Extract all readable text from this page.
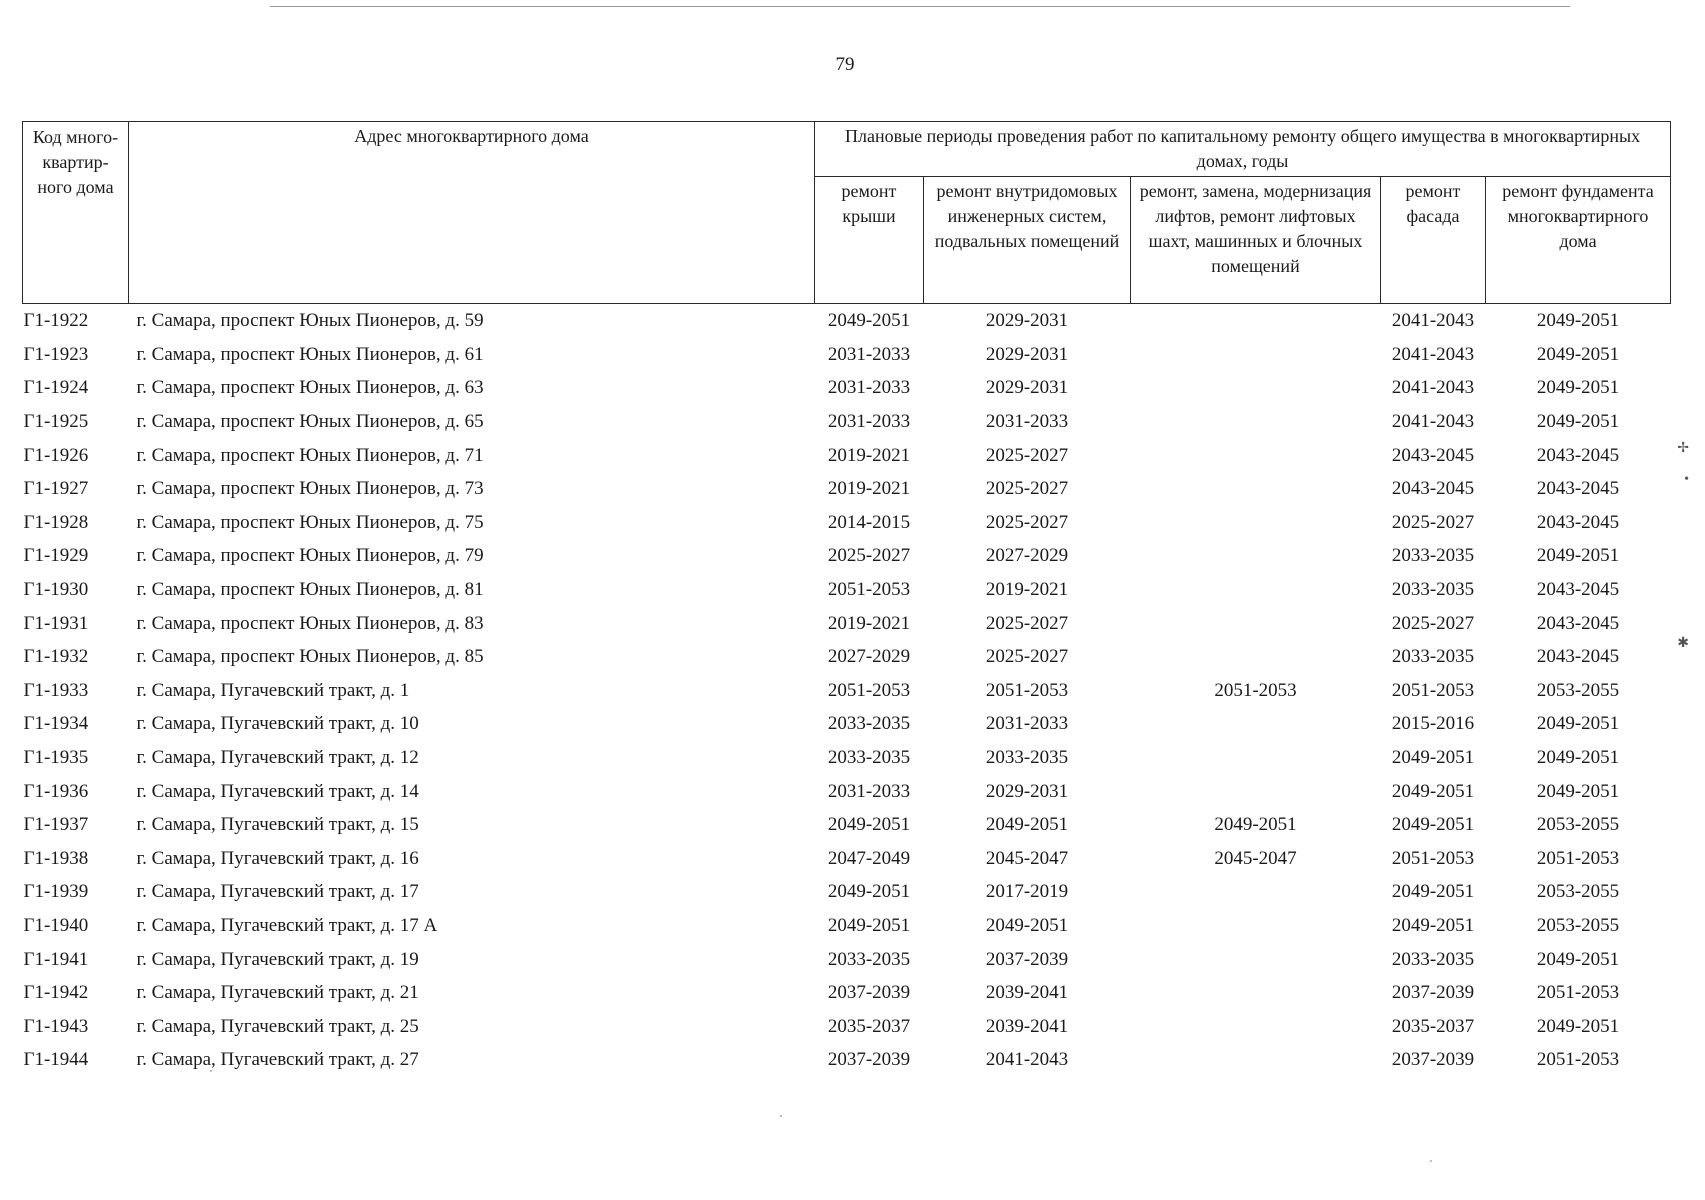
79
Код много-квартир-ного дома	Адрес многоквартирного дома	Плановые периоды проведения работ по капитальному ремонту общего имущества в многоквартирных домах, годы				
		ремонт крыши	ремонт внутридомовых инженерных систем, подвальных помещений	ремонт, замена, модернизация лифтов, ремонт лифтовых шахт, машинных и блочных помещений	ремонт фасада	ремонт фундамента многоквартирного дома
Г1-1922	г. Самара, проспект Юных Пионеров, д. 59	2049-2051	2029-2031		2041-2043	2049-2051
Г1-1923	г. Самара, проспект Юных Пионеров, д. 61	2031-2033	2029-2031		2041-2043	2049-2051
Г1-1924	г. Самара, проспект Юных Пионеров, д. 63	2031-2033	2029-2031		2041-2043	2049-2051
Г1-1925	г. Самара, проспект Юных Пионеров, д. 65	2031-2033	2031-2033		2041-2043	2049-2051
Г1-1926	г. Самара, проспект Юных Пионеров, д. 71	2019-2021	2025-2027		2043-2045	2043-2045
Г1-1927	г. Самара, проспект Юных Пионеров, д. 73	2019-2021	2025-2027		2043-2045	2043-2045
Г1-1928	г. Самара, проспект Юных Пионеров, д. 75	2014-2015	2025-2027		2025-2027	2043-2045
Г1-1929	г. Самара, проспект Юных Пионеров, д. 79	2025-2027	2027-2029		2033-2035	2049-2051
Г1-1930	г. Самара, проспект Юных Пионеров, д. 81	2051-2053	2019-2021		2033-2035	2043-2045
Г1-1931	г. Самара, проспект Юных Пионеров, д. 83	2019-2021	2025-2027		2025-2027	2043-2045
Г1-1932	г. Самара, проспект Юных Пионеров, д. 85	2027-2029	2025-2027		2033-2035	2043-2045
Г1-1933	г. Самара, Пугачевский тракт, д. 1	2051-2053	2051-2053	2051-2053	2051-2053	2053-2055
Г1-1934	г. Самара, Пугачевский тракт, д. 10	2033-2035	2031-2033		2015-2016	2049-2051
Г1-1935	г. Самара, Пугачевский тракт, д. 12	2033-2035	2033-2035		2049-2051	2049-2051
Г1-1936	г. Самара, Пугачевский тракт, д. 14	2031-2033	2029-2031		2049-2051	2049-2051
Г1-1937	г. Самара, Пугачевский тракт, д. 15	2049-2051	2049-2051	2049-2051	2049-2051	2053-2055
Г1-1938	г. Самара, Пугачевский тракт, д. 16	2047-2049	2045-2047	2045-2047	2051-2053	2051-2053
Г1-1939	г. Самара, Пугачевский тракт, д. 17	2049-2051	2017-2019		2049-2051	2053-2055
Г1-1940	г. Самара, Пугачевский тракт, д. 17 А	2049-2051	2049-2051		2049-2051	2053-2055
Г1-1941	г. Самара, Пугачевский тракт, д. 19	2033-2035	2037-2039		2033-2035	2049-2051
Г1-1942	г. Самара, Пугачевский тракт, д. 21	2037-2039	2039-2041		2037-2039	2051-2053
Г1-1943	г. Самара, Пугачевский тракт, д. 25	2035-2037	2039-2041		2035-2037	2049-2051
Г1-1944	г. Самара, Пугачевский тракт, д. 27	2037-2039	2041-2043		2037-2039	2051-2053
✢
•
✱
